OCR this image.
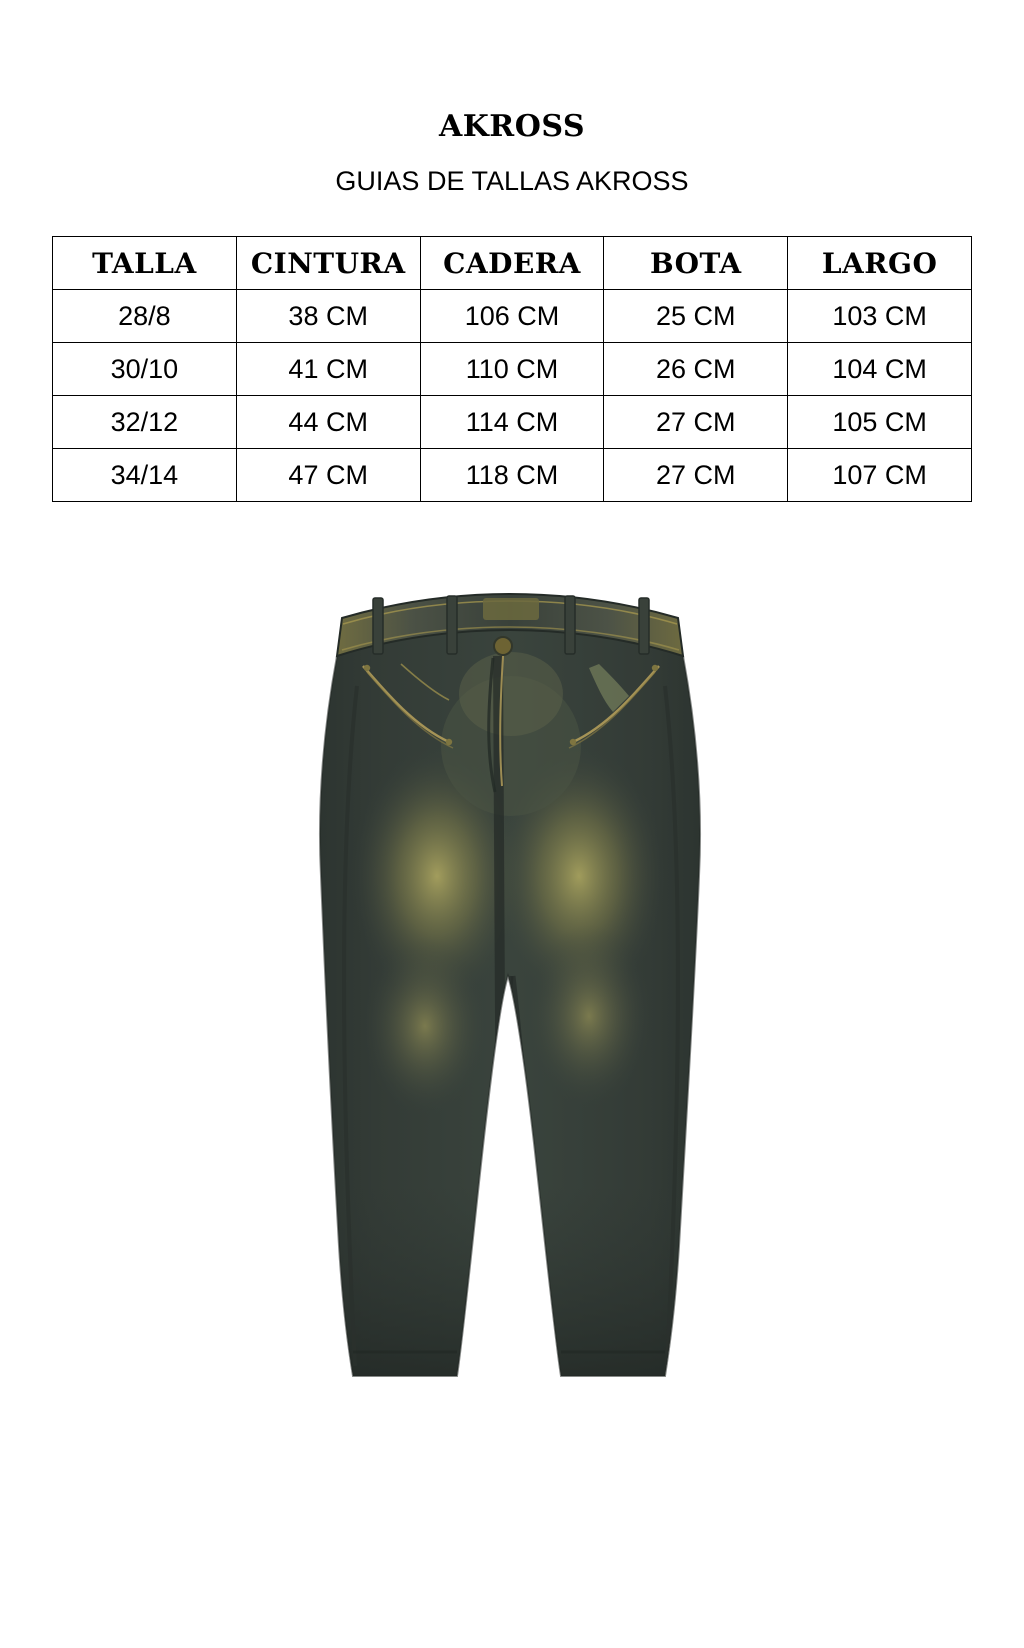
AKROSS
GUIAS DE TALLAS AKROSS
TALLA	CINTURA	CADERA	BOTA	LARGO
28/8	38 CM	106 CM	25 CM	103 CM
30/10	41 CM	110 CM	26 CM	104 CM
32/12	44 CM	114 CM	27 CM	105 CM
34/14	47 CM	118 CM	27 CM	107 CM
